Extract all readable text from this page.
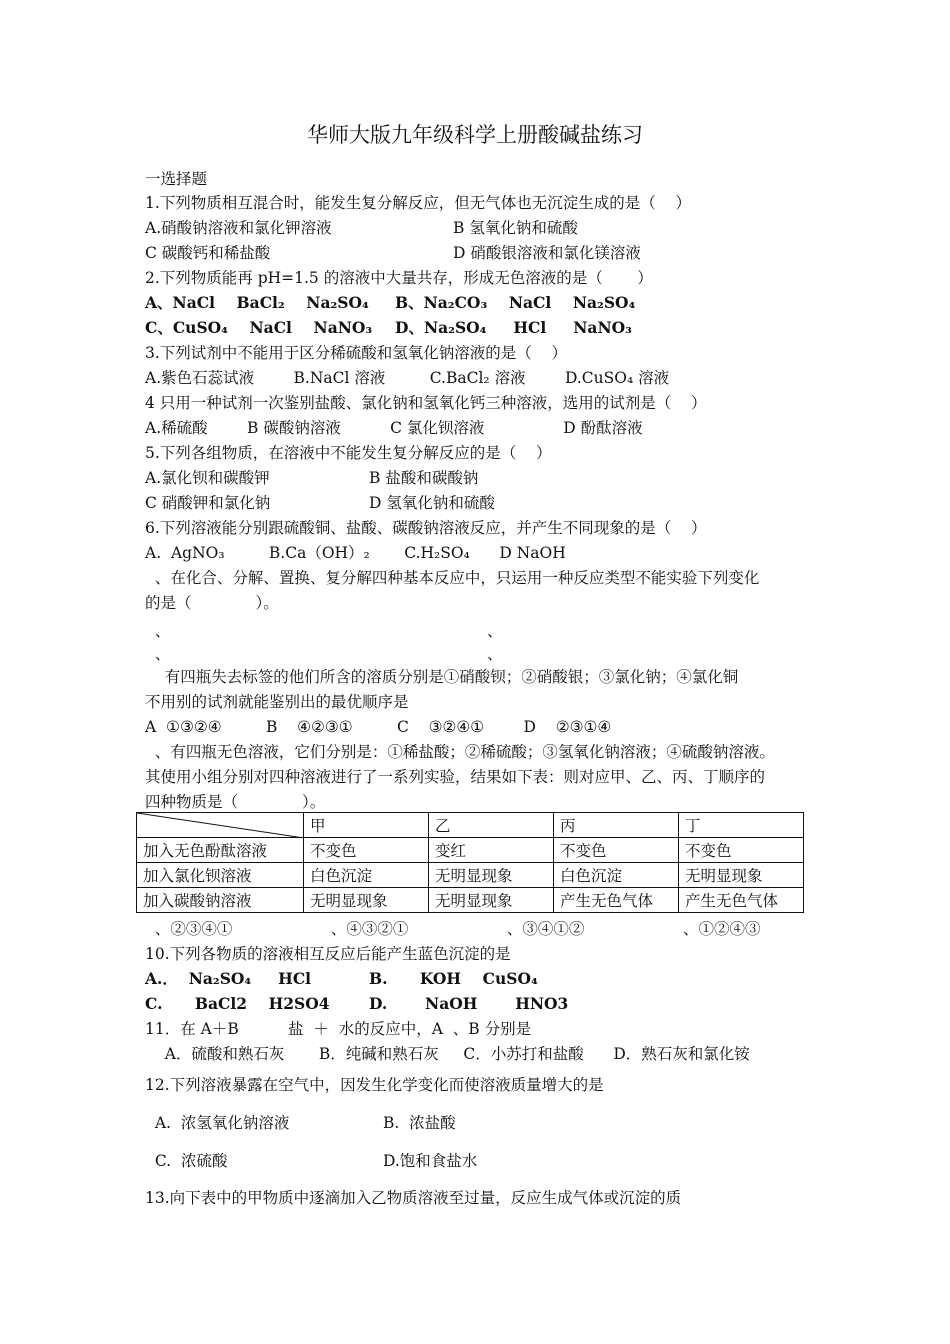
华师大版九年级科学上册酸碱盐练习
一选择题
1.下列物质相互混合时，能发生复分解反应，但无气体也无沉淀生成的是（    ）
A.硝酸钠溶液和氯化钾溶液	B 氢氧化钠和硫酸
C 碳酸钙和稀盐酸	D 硝酸银溶液和氯化镁溶液
2.下列物质能再 pH=1.5 的溶液中大量共存，形成无色溶液的是（       ）
A、NaCl    BaCl₂    Na₂SO₄ B、Na₂CO₃    NaCl    Na₂SO₄
C、CuSO₄    NaCl    NaNO₃ D、Na₂SO₄     HCl     NaNO₃
3.下列试剂中不能用于区分稀硫酸和氢氧化钠溶液的是（    ）
A.紫色石蕊试液        B.NaCl 溶液         C.BaCl₂ 溶液        D.CuSO₄ 溶液
4 只用一种试剂一次鉴别盐酸、氯化钠和氢氧化钙三种溶液，选用的试剂是（    ）
A.稀硫酸        B 碳酸钠溶液          C 氯化钡溶液                D 酚酞溶液
5.下列各组物质，在溶液中不能发生复分解反应的是（    ）
A.氯化钡和碳酸钾	B 盐酸和碳酸钠
C 硝酸钾和氯化钠	D 氢氧化钠和硫酸
6.下列溶液能分别跟硫酸铜、盐酸、碳酸钠溶液反应，并产生不同现象的是（    ）
A.  AgNO₃         B.Ca（OH）₂       C.H₂SO₄      D NaOH
、在化合、分解、置换、复分解四种基本反应中，只运用一种反应类型不能实验下列变化
的是（             ）。
、	、
、	、
有四瓶失去标签的他们所含的溶质分别是①硝酸钡；②硝酸银；③氯化钠；④氯化铜
不用别的试剂就能鉴别出的最优顺序是
A  ①③②④         B    ④②③①         C    ③②④①        D    ②③①④
、有四瓶无色溶液，它们分别是：①稀盐酸；②稀硫酸；③氢氧化钠溶液；④硫酸钠溶液。
其使用小组分别对四种溶液进行了一系列实验，结果如下表：则对应甲、乙、丙、丁顺序的
四种物质是（             ）。
	甲	乙	丙	丁
加入无色酚酞溶液	不变色	变红	不变色	不变色
加入氯化钡溶液	白色沉淀	无明显现象	白色沉淀	无明显现象
加入碳酸钠溶液	无明显现象	无明显现象	产生无色气体	产生无色气体
、②③④①                    、④③②①                    、③④①②                    、①②④③
10.下列各物质的溶液相互反应后能产生蓝色沉淀的是
A.．  Na₂SO₄     HCl	B.      KOH    CuSO₄
C.      BaCl2    H2SO4	D.       NaOH       HNO3
11．在 A＋B          盐  ＋  水的反应中，A  、B 分别是
A．硫酸和熟石灰       B．纯碱和熟石灰     C．小苏打和盐酸      D．熟石灰和氯化铵
12.下列溶液暴露在空气中，因发生化学变化而使溶液质量增大的是
A.  浓氢氧化钠溶液	B.  浓盐酸
C.  浓硫酸	D.饱和食盐水
13.向下表中的甲物质中逐滴加入乙物质溶液至过量，反应生成气体或沉淀的质
